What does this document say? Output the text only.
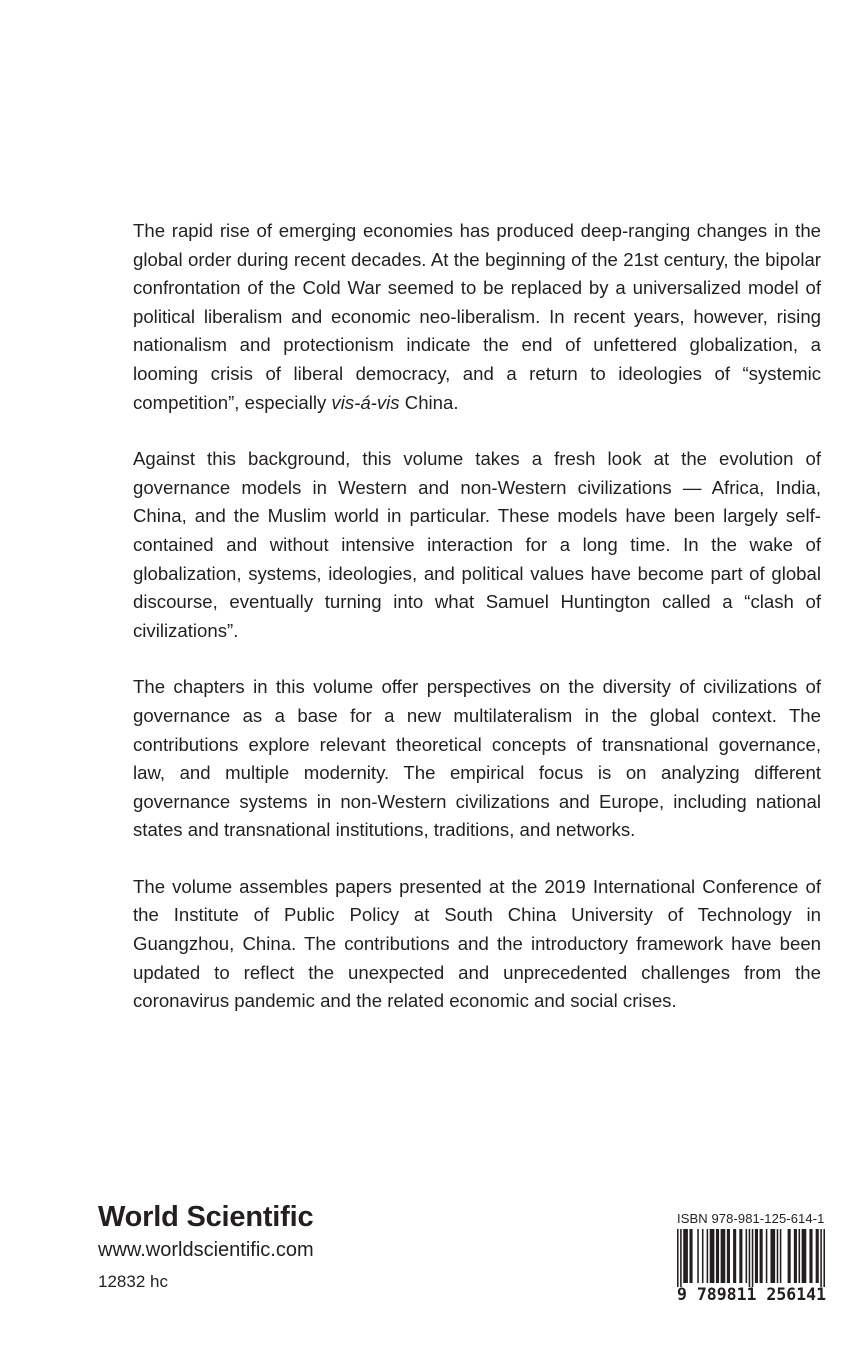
The rapid rise of emerging economies has produced deep-ranging changes in the global order during recent decades. At the beginning of the 21st century, the bipolar confrontation of the Cold War seemed to be replaced by a universalized model of political liberalism and economic neo-liberalism. In recent years, however, rising nationalism and protectionism indicate the end of unfettered globalization, a looming crisis of liberal democracy, and a return to ideologies of “systemic competition”, especially vis-á-vis China.

Against this background, this volume takes a fresh look at the evolution of governance models in Western and non-Western civilizations — Africa, India, China, and the Muslim world in particular. These models have been largely self-contained and without intensive interaction for a long time. In the wake of globalization, systems, ideologies, and political values have become part of global discourse, eventually turning into what Samuel Huntington called a “clash of civilizations”.

The chapters in this volume offer perspectives on the diversity of civilizations of governance as a base for a new multilateralism in the global context. The contributions explore relevant theoretical concepts of transnational governance, law, and multiple modernity. The empirical focus is on analyzing different governance systems in non-Western civilizations and Europe, including national states and transnational institutions, traditions, and networks.

The volume assembles papers presented at the 2019 International Conference of the Institute of Public Policy at South China University of Technology in Guangzhou, China. The contributions and the introductory framework have been updated to reflect the unexpected and unprecedented challenges from the coronavirus pandemic and the related economic and social crises.

World Scientific
www.worldscientific.com
12832 hc
ISBN 978-981-125-614-1
9 789811 256141
